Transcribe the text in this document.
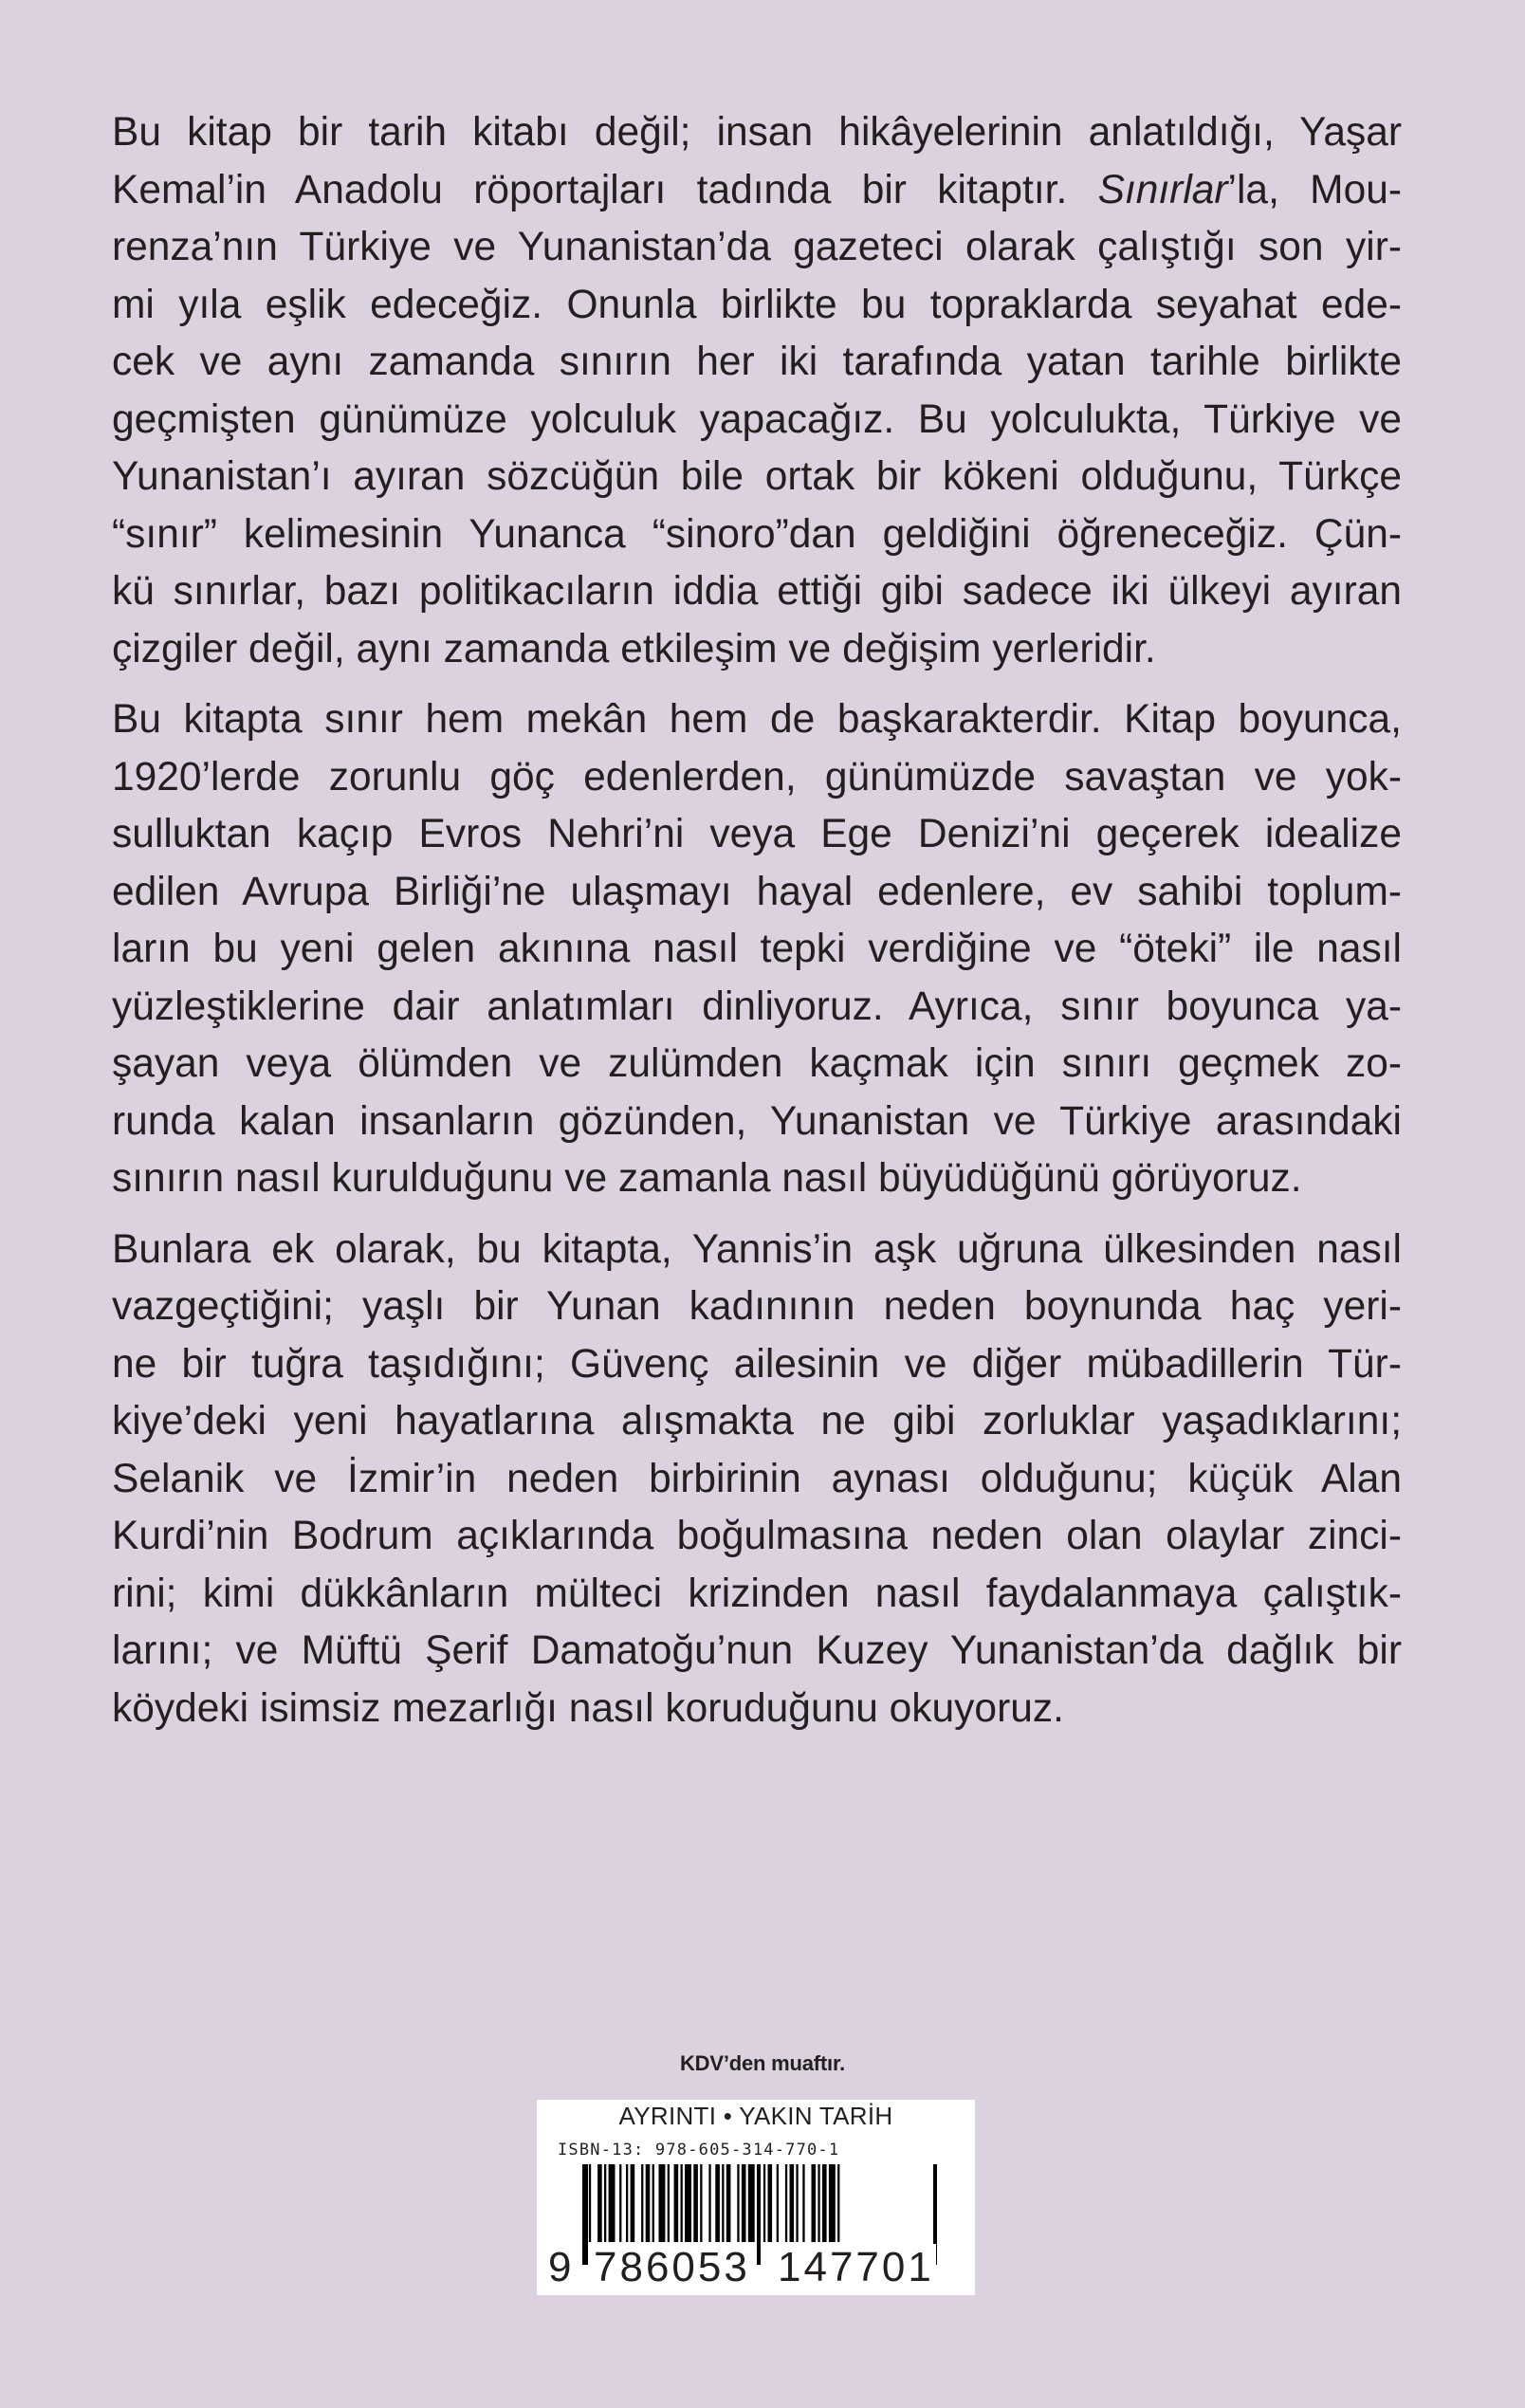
Bu kitap bir tarih kitabı değil; insan hikâyelerinin anlatıldığı, Yaşar
Kemal’in Anadolu röportajları tadında bir kitaptır. Sınırlar’la, Mou-
renza’nın Türkiye ve Yunanistan’da gazeteci olarak çalıştığı son yir-
mi yıla eşlik edeceğiz. Onunla birlikte bu topraklarda seyahat ede-
cek ve aynı zamanda sınırın her iki tarafında yatan tarihle birlikte
geçmişten günümüze yolculuk yapacağız. Bu yolculukta, Türkiye ve
Yunanistan’ı ayıran sözcüğün bile ortak bir kökeni olduğunu, Türkçe
“sınır” kelimesinin Yunanca “sinoro”dan geldiğini öğreneceğiz. Çün-
kü sınırlar, bazı politikacıların iddia ettiği gibi sadece iki ülkeyi ayıran
çizgiler değil, aynı zamanda etkileşim ve değişim yerleridir.
Bu kitapta sınır hem mekân hem de başkarakterdir. Kitap boyunca,
1920’lerde zorunlu göç edenlerden, günümüzde savaştan ve yok-
sulluktan kaçıp Evros Nehri’ni veya Ege Denizi’ni geçerek idealize
edilen Avrupa Birliği’ne ulaşmayı hayal edenlere, ev sahibi toplum-
ların bu yeni gelen akınına nasıl tepki verdiğine ve “öteki” ile nasıl
yüzleştiklerine dair anlatımları dinliyoruz. Ayrıca, sınır boyunca ya-
şayan veya ölümden ve zulümden kaçmak için sınırı geçmek zo-
runda kalan insanların gözünden, Yunanistan ve Türkiye arasındaki
sınırın nasıl kurulduğunu ve zamanla nasıl büyüdüğünü görüyoruz.
Bunlara ek olarak, bu kitapta, Yannis’in aşk uğruna ülkesinden nasıl
vazgeçtiğini; yaşlı bir Yunan kadınının neden boynunda haç yeri-
ne bir tuğra taşıdığını; Güvenç ailesinin ve diğer mübadillerin Tür-
kiye’deki yeni hayatlarına alışmakta ne gibi zorluklar yaşadıklarını;
Selanik ve İzmir’in neden birbirinin aynası olduğunu; küçük Alan
Kurdi’nin Bodrum açıklarında boğulmasına neden olan olaylar zinci-
rini; kimi dükkânların mülteci krizinden nasıl faydalanmaya çalıştık-
larını; ve Müftü Şerif Damatoğu’nun Kuzey Yunanistan’da dağlık bir
köydeki isimsiz mezarlığı nasıl koruduğunu okuyoruz.
KDV’den muaftır.
AYRINTI • YAKIN TARİH
ISBN-13: 978-605-314-770-1
9 786053 147701
